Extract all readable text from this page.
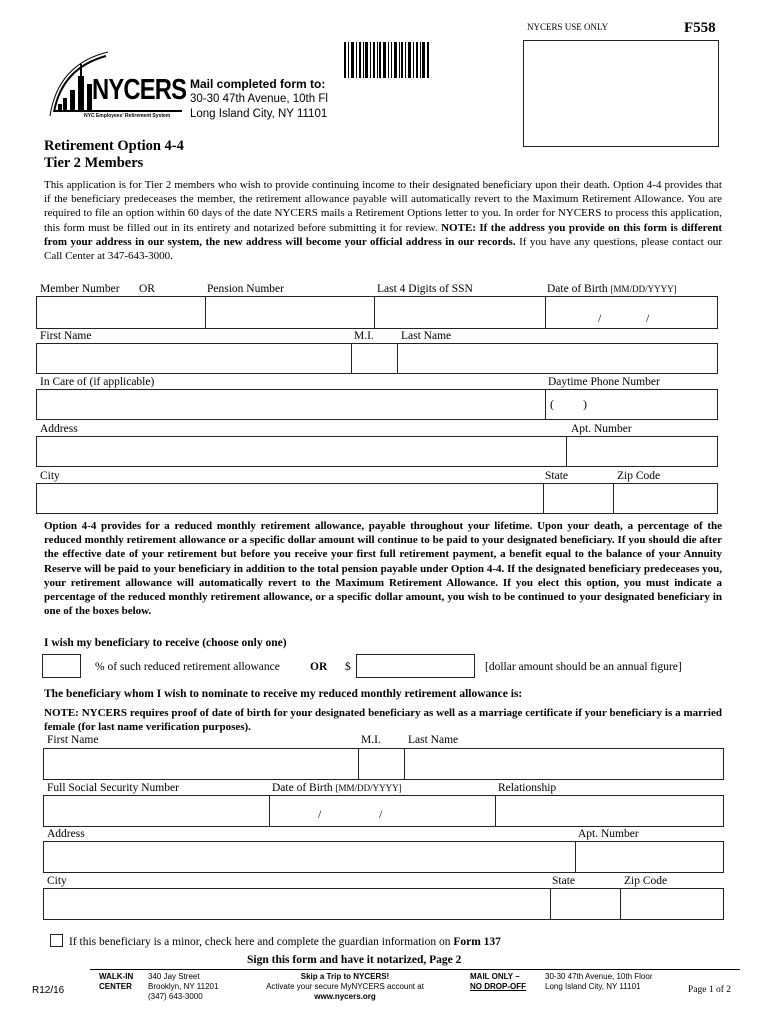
NYCERS USE ONLY	F558
NYCERS
NYC Employees' Retirement System
Mail completed form to:
30-30 47th Avenue, 10th Fl
Long Island City, NY 11101
Retirement Option 4-4
Tier 2 Members
This application is for Tier 2 members who wish to provide continuing income to their designated beneficiary upon their death. Option 4-4 provides that if the beneficiary predeceases the member, the retirement allowance payable will automatically revert to the Maximum Retirement Allowance. You are required to file an option within 60 days of the date NYCERS mails a Retirement Options letter to you. In order for NYCERS to process this application, this form must be filled out in its entirety and notarized before submitting it for review. NOTE: If the address you provide on this form is different from your address in our system, the new address will become your official address in our records. If you have any questions, please contact our Call Center at 347-643-3000.
Member Number OR	Pension Number	Last 4 Digits of SSN	Date of Birth [MM/DD/YYYY]
/	/
First Name	M.I. Last Name
In Care of (if applicable)	Daytime Phone Number
( )
Address	Apt. Number
City	State	Zip Code
Option 4-4 provides for a reduced monthly retirement allowance, payable throughout your lifetime. Upon your death, a percentage of the reduced monthly retirement allowance or a specific dollar amount will continue to be paid to your designated beneficiary. If you should die after the effective date of your retirement but before you receive your first full retirement payment, a benefit equal to the balance of your Annuity Reserve will be paid to your beneficiary in addition to the total pension payable under Option 4-4. If the designated beneficiary predeceases you, your retirement allowance will automatically revert to the Maximum Retirement Allowance. If you elect this option, you must indicate a percentage of the reduced monthly retirement allowance, or a specific dollar amount, you wish to be continued to your designated beneficiary in one of the boxes below.
I wish my beneficiary to receive (choose only one)
% of such reduced retirement allowance	OR $	[dollar amount should be an annual figure]
The beneficiary whom I wish to nominate to receive my reduced monthly retirement allowance is:
NOTE: NYCERS requires proof of date of birth for your designated beneficiary as well as a marriage certificate if your beneficiary is a married female (for last name verification purposes).
First Name	M.I. Last Name
Full Social Security Number	Date of Birth [MM/DD/YYYY]	Relationship
/	/
Address	Apt. Number
City	State	Zip Code
If this beneficiary is a minor, check here and complete the guardian information on Form 137
Sign this form and have it notarized, Page 2
R12/16
WALK-IN
CENTER
340 Jay Street
Brooklyn, NY 11201
(347) 643-3000
Skip a Trip to NYCERS!
Activate your secure MyNYCERS account at
www.nycers.org
MAIL ONLY –
NO DROP-OFF
30-30 47th Avenue, 10th Floor
Long Island City, NY 11101	Page 1 of 2
